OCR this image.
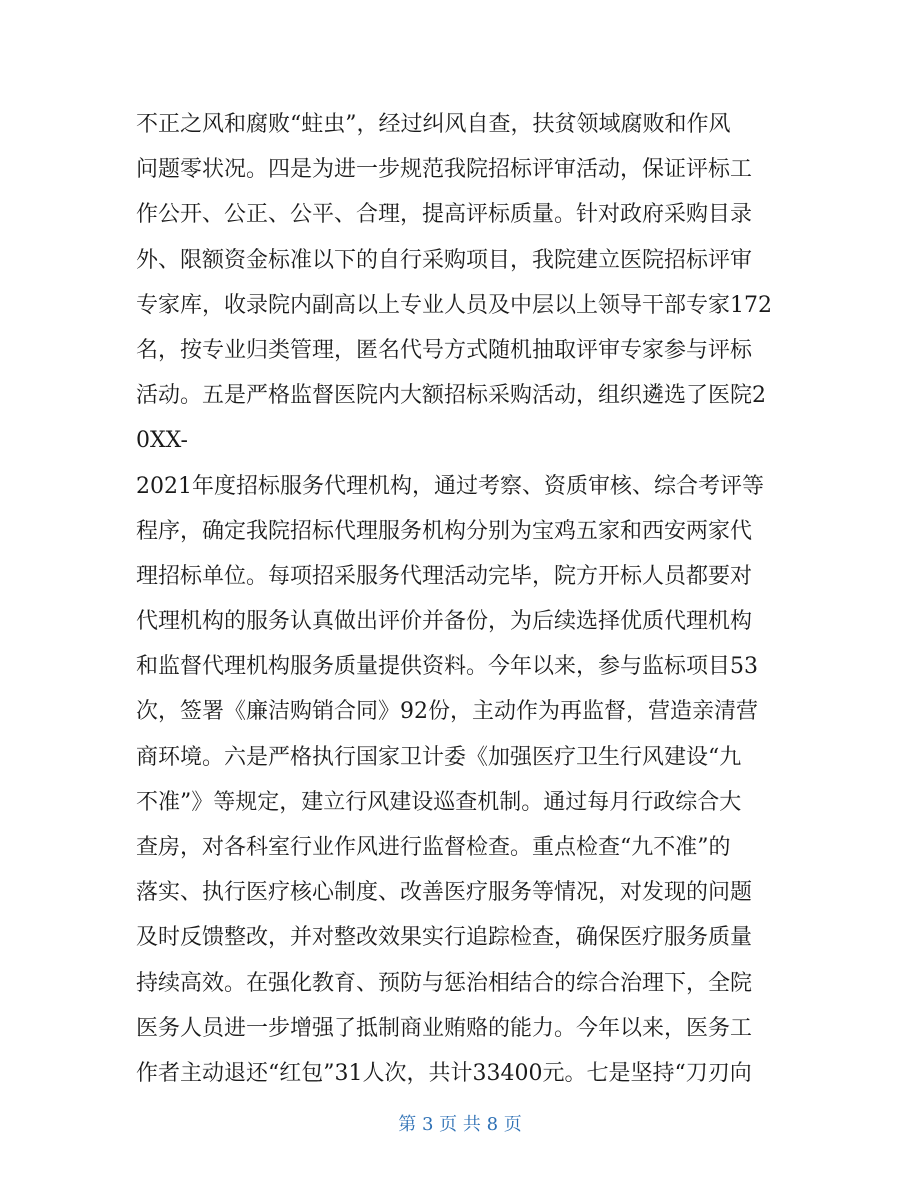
不正之风和腐败“蛀虫”，经过纠风自查，扶贫领域腐败和作风
问题零状况。四是为进一步规范我院招标评审活动，保证评标工
作公开、公正、公平、合理，提高评标质量。针对政府采购目录
外、限额资金标准以下的自行采购项目，我院建立医院招标评审
专家库，收录院内副高以上专业人员及中层以上领导干部专家172
名，按专业归类管理，匿名代号方式随机抽取评审专家参与评标
活动。五是严格监督医院内大额招标采购活动，组织遴选了医院2
0XX-
2021年度招标服务代理机构，通过考察、资质审核、综合考评等
程序，确定我院招标代理服务机构分别为宝鸡五家和西安两家代
理招标单位。每项招采服务代理活动完毕，院方开标人员都要对
代理机构的服务认真做出评价并备份，为后续选择优质代理机构
和监督代理机构服务质量提供资料。今年以来，参与监标项目53
次，签署《廉洁购销合同》92份，主动作为再监督，营造亲清营
商环境。六是严格执行国家卫计委《加强医疗卫生行风建设“九
不准”》等规定，建立行风建设巡查机制。通过每月行政综合大
查房，对各科室行业作风进行监督检查。重点检查“九不准”的
落实、执行医疗核心制度、改善医疗服务等情况，对发现的问题
及时反馈整改，并对整改效果实行追踪检查，确保医疗服务质量
持续高效。在强化教育、预防与惩治相结合的综合治理下，全院
医务人员进一步增强了抵制商业贿赂的能力。今年以来，医务工
作者主动退还“红包”31人次，共计33400元。七是坚持“刀刃向
第 3 页 共 8 页
